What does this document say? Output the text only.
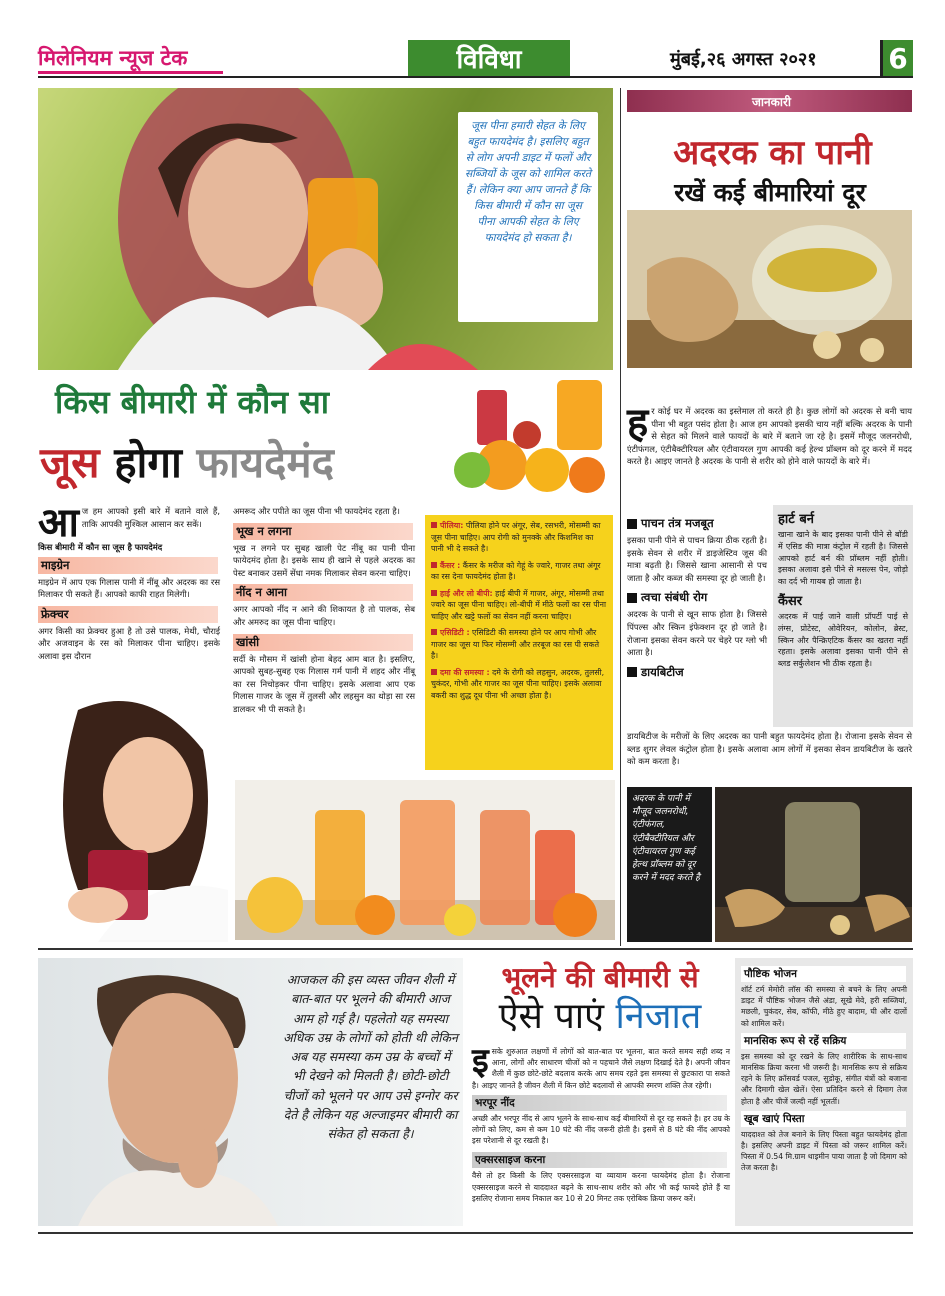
मिलेनियम न्यूज टेक	विविधा	मुंबई,२६ अगस्त २०२१	6
जूस पीना हमारी सेहत के लिए बहुत फायदेमंद है। इसलिए बहुत से लोग अपनी डाइट में फलों और सब्जियों के जूस को शामिल करते हैं। लेकिन क्या आप जानते हैं कि किस बीमारी में कौन सा जूस पीना आपकी सेहत के लिए फायदेमंद हो सकता है।
किस बीमारी में कौन सा
जूस होगा फायदेमंद
आज हम आपको इसी बारे में बताने वाले हैं, ताकि आपकी मुश्किल आसान कर सकें।
किस बीमारी में कौन सा जूस है फायदेमंद
माइग्रेन
माइग्रेन में आप एक गिलास पानी में नींबू और अदरक का रस मिलाकर पी सकते हैं। आपको काफी राहत मिलेगी।
फ्रेक्चर
अगर किसी का फ्रेक्चर हुआ है तो उसे पालक, मेथी, चौराई और अजवाइन के रस को मिलाकर पीना चाहिए। इसके अलावा इस दौरान
अमरूद और पपीते का जूस पीना भी फायदेमंद रहता है।
भूख न लगना
भूख न लगने पर सुबह खाली पेट नींबू का पानी पीना फायेदमंद होता है। इसके साथ ही खाने से पहले अदरक का पेस्ट बनाकर उसमें सेंधा नमक मिलाकर सेवन करना चाहिए।
नींद न आना
अगर आपको नींद न आने की शिकायत है तो पालक, सेब और अमरुद का जूस पीना चाहिए।
खांसी
सर्दी के मौसम में खांसी होना बेहद आम बात है। इसलिए, आपको सुबह-सुबह एक गिलास गर्म पानी में शहद और नींबू का रस निचोड़कर पीना चाहिए। इसके अलावा आप एक गिलास गाजर के जूस में तुलसी और लहसुन का थोड़ा सा रस डालकर भी पी सकते है।
पीलिया: पीलिया होने पर अंगूर, सेब, रसभरी, मोसम्मी का जूस पीना चाहिए। आप रोगी को मुनक्के और किशमिश का पानी भी दे सकते है।
कैंसर : कैंसर के मरीज को गेहूं के ज्वारे, गाजर तथा अंगूर का रस देना फायदेमंद होता है।
हाई और लो बीपी: हाई बीपी में गाजर, अंगूर, मोसम्मी तथा ज्वारे का जूस पीना चाहिए। लो-बीपी में मीठे फलों का रस पीना चाहिए और खट्टे फलों का सेवन नहीं करना चाहिए।
एसिडिटी : एसिडिटी की समस्या होने पर आप गोभी और गाजर का जूस या फिर मोसम्मी और तरबूज का रस पी सकते है।
दमा की समस्या : दमे के रोगी को लहसुन, अदरक, तुलसी, चुकंदर, गोभी और गाजर का जूस पीना चाहिए। इसके अलावा बकरी का शुद्ध दूध पीना भी अच्छा होता है।
जानकारी
अदरक का पानी
रखें कई बीमारियां दूर
हर कोई घर में अदरक का इस्तेमाल तो करते ही है। कुछ लोगों को अदरक से बनी चाय पीना भी बहुत पसंद होता है। आज हम आपको इसकी चाय नहीं बल्कि अदरक के पानी से सेहत को मिलने वाले फायदों के बारे में बताने जा रहे है। इसमें मौजूद जलनरोधी, एंटीफंगल, एंटीबैक्टीरियल और एंटीवायरल गुण आपकी कई हेल्थ प्रॉब्लम को दूर करने में मदद करते है। आइए जानते है अदरक के पानी से शरीर को होने वाले फायदों के बारे में।
पाचन तंत्र मजबूत
इसका पानी पीने से पाचन क्रिया ठीक रहती है। इसके सेवन से शरीर में डाइजेस्टिव जूस की मात्रा बढ़ती है। जिससे खाना आसानी से पच जाता है और कब्ज की समस्या दूर हो जाती है।
त्वचा संबंधी रोग
अदरक के पानी से खून साफ होता है। जिससे पिंपल्स और स्किन इंफेक्शन दूर हो जाते है। रोजाना इसका सेवन करने पर चेहरे पर ग्लो भी आता है।
डायबिटीज
डायबिटीज के मरीजों के लिए अदरक का पानी बहुत फायदेमंद होता है। रोजाना इसके सेवन से ब्लड शुगर लेवल कंट्रोल होता है। इसके अलावा आम लोगों में इसका सेवन डायबिटीज के खतरे को कम करता है।
हार्ट बर्न
खाना खाने के बाद इसका पानी पीने से बॉडी में एसिड की मात्रा कंट्रोल में रहती है। जिससे आपको हार्ट बर्न की प्रॉब्लम नहीं होती। इसका अलावा इसे पीने से मसल्स पेन, जोड़ो का दर्द भी गायब हो जाता है।
कैंसर
अदरक में पाई जाने वाली प्रॉपर्टी पाई से लंग्स, प्रोटेस्ट, ओवेरियन, कोलोन, ब्रेस्ट, स्किन और पैन्क्रिएटिक कैंसर का खतरा नहीं रहता। इसके अलावा इसका पानी पीने से ब्लड सर्कुलेशन भी ठीक रहता है।
अदरक के पानी में मौजूद जलनरोधी, एंटीफंगल, एंटीबैक्टीरियल और एंटीवायरल गुण कई हेल्थ प्रॉब्लम को दूर करने में मदद करते है
आजकल की इस व्यस्त जीवन शैली में बात-बात पर भूलने की बीमारी आज आम हो गई है। पहलेतो यह समस्या अधिक उम्र के लोगों को होती थी लेकिन अब यह समस्या कम उम्र के बच्चों में भी देखने को मिलती है। छोटी-छोटी चीजों को भूलने पर आप उसे इग्नोर कर देते है लेकिन यह अल्जाइमर बीमारी का संकेत हो सकता है।
भूलने की बीमारी से
ऐसे पाएं निजात
इसके शुरुआत लक्षणों में लोगों को बात-बात पर भूलना, बात करते समय सही शब्द न आना, लोगों और साधारण चीजों को न पहचाने जैसे लक्षण दिखाई देते है। अपनी जीवन शैली में कुछ छोटे-छोटे बदलाव करके आप समय रहते इस समस्या से छुटकारा पा सकते है। आइए जानते है जीवन शैली में किन छोटे बदलावों से आपकी स्मरण शक्ति तेज रहेगी।
भरपूर नींद
अच्छी और भरपूर नींद से आप भूलने के साथ-साथ कई बीमारियों से दूर रह सकते है। हर उम्र के लोगों को लिए, कम से कम 10 घंटे की नींद जरूरी होती है। इसमें से 8 घंटे की नींद आपको इस परेशानी से दूर रखती है।
एक्सरसाइज करना
वैसे तो हर किसी के लिए एक्सरसाइज या व्यायाम करना फायदेमंद होता है। रोजाना एक्सरसाइज करने से याददाश्त बढ़ने के साथ-साथ शरीर को और भी कई फायदे होते हैं या इसलिए रोजाना समय निकाल कर 10 से 20 मिनट तक एरोबिक क्रिया जरूर करें।
पौष्टिक भोजन
शॉर्ट टर्म मेमोरी लॉस की समस्या से बचने के लिए अपनी डाइट में पौष्टिक भोजन जैसे अंडा, सूखे मेवे, हरी सब्जियां, मछली, चुकंदर, सेब, कॉफी, मीठे हुए बादाम, घी और दालों को शामिल करें।
मानसिक रूप से रहें सक्रिय
इस समस्या को दूर रखने के लिए शारीरिक के साथ-साथ मानसिक क्रिया करना भी जरूरी है। मानसिक रूप से सक्रिय रहने के लिए क्रॉसवर्ड पजल, सुडोकू, संगीत यंत्रों को बजाना और दिमागी खेल खेलें। ऐसा प्रतिदिन करने से दिमाग तेज होता है और चीजें जल्दी नहीं भूलतीं।
खूब खाएं पिस्ता
याददाश्त को तेज बनाने के लिए पिस्ता बहुत फायदेमंद होता है। इसलिए अपनी डाइट में पिस्ता को जरूर शामिल करें। पिस्ता में 0.54 मि.ग्राम थाइमीन पाया जाता है जो दिमाग को तेज करता है।
